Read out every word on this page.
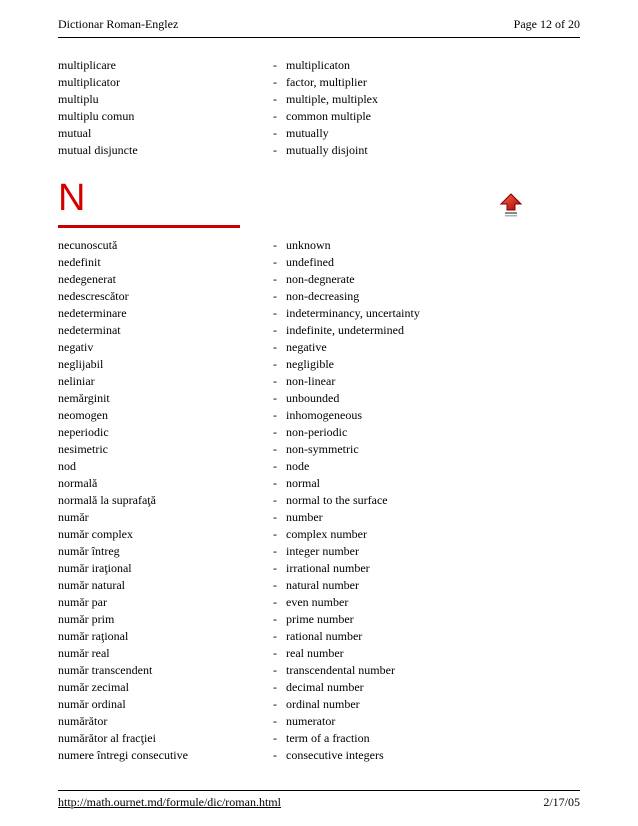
Dictionar Roman-Englez	Page 12 of 20
multiplicare	- multiplicaton
multiplicator	- factor, multiplier
multiplu	- multiple, multiplex
multiplu comun	- common multiple
mutual	- mutually
mutual disjuncte	- mutually disjoint
N
necunoscută	- unknown
nedefinit	- undefined
nedegenerat	- non-degnerate
nedescrescător	- non-decreasing
nedeterminare	- indeterminancy, uncertainty
nedeterminat	- indefinite, undetermined
negativ	- negative
neglijabil	- negligible
neliniar	- non-linear
nemărginit	- unbounded
neomogen	- inhomogeneous
neperiodic	- non-periodic
nesimetric	- non-symmetric
nod	- node
normală	- normal
normală la suprafaţă	- normal to the surface
număr	- number
număr complex	- complex number
număr întreg	- integer number
număr iraţional	- irrational number
număr natural	- natural number
număr par	- even number
număr prim	- prime number
număr raţional	- rational number
număr real	- real number
număr transcendent	- transcendental number
număr zecimal	- decimal number
număr ordinal	- ordinal number
numărător	- numerator
numărător al fracţiei	- term of a fraction
numere întregi consecutive	- consecutive integers
http://math.ournet.md/formule/dic/roman.html	2/17/05
